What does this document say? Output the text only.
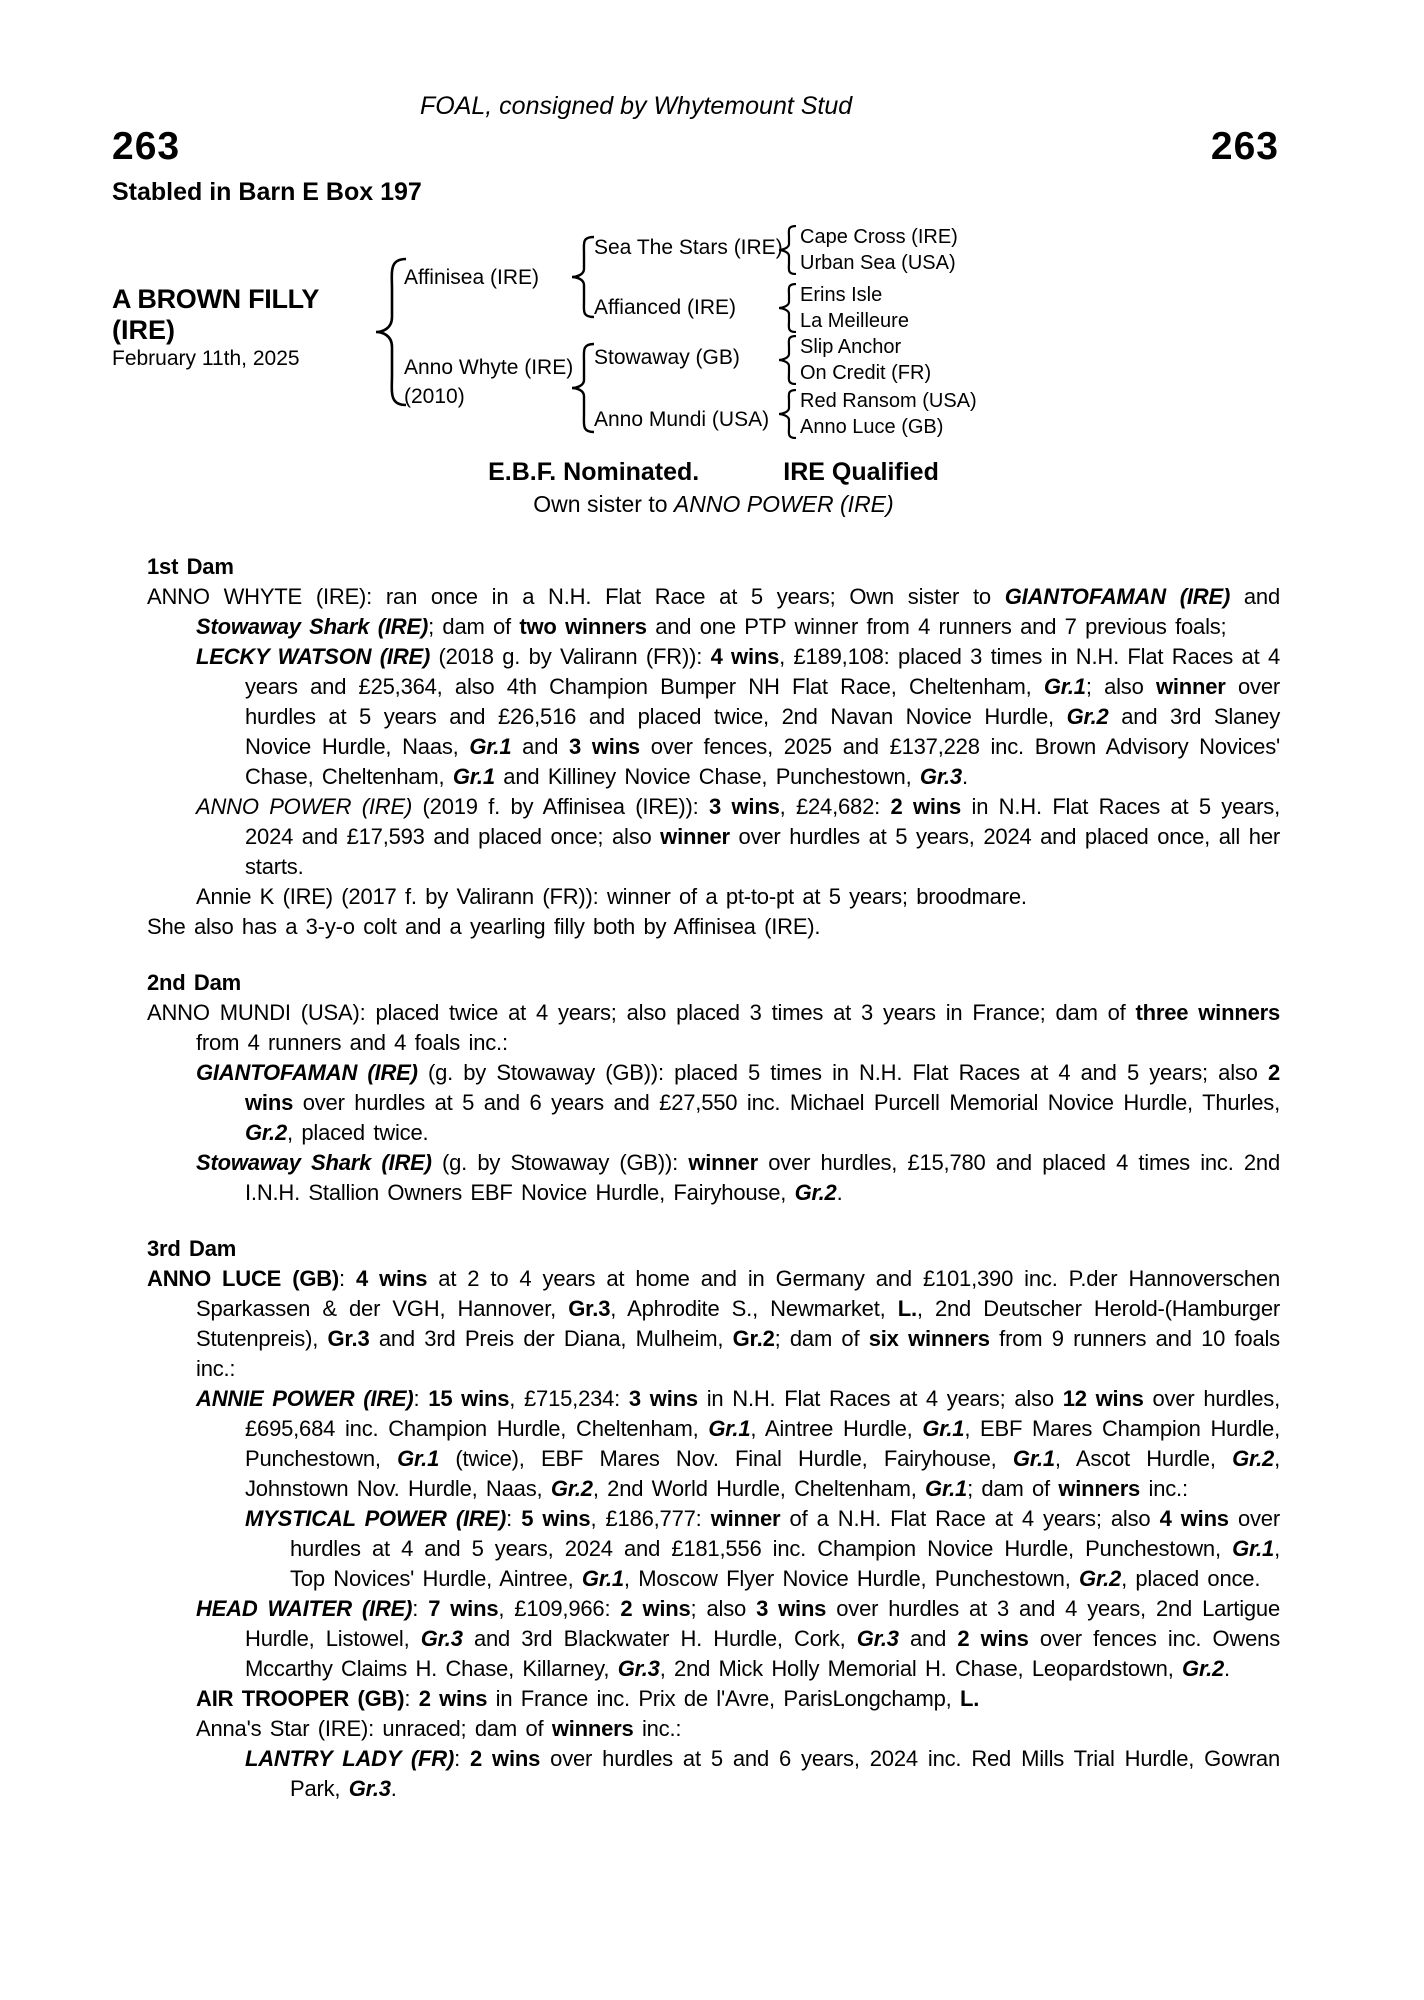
FOAL, consigned by Whytemount Stud
263	263
Stabled in Barn E Box 197
A BROWN FILLY
(IRE)
February 11th, 2025
Affinisea (IRE)
Anno Whyte (IRE)
(2010)
Sea The Stars (IRE)
Affianced (IRE)
Stowaway (GB)
Anno Mundi (USA)
Cape Cross (IRE)
Urban Sea (USA)
Erins Isle
La Meilleure
Slip Anchor
On Credit (FR)
Red Ransom (USA)
Anno Luce (GB)
E.B.F. Nominated.	IRE Qualified
Own sister to ANNO POWER (IRE)
1st Dam

ANNO WHYTE (IRE): ran once in a N.H. Flat Race at 5 years; Own sister to GIANTOFAMAN (IRE) and Stowaway Shark (IRE); dam of two winners and one PTP winner from 4 runners and 7 previous foals;

LECKY WATSON (IRE) (2018 g. by Valirann (FR)): 4 wins, £189,108: placed 3 times in N.H. Flat Races at 4 years and £25,364, also 4th Champion Bumper NH Flat Race, Cheltenham, Gr.1; also winner over hurdles at 5 years and £26,516 and placed twice, 2nd Navan Novice Hurdle, Gr.2 and 3rd Slaney Novice Hurdle, Naas, Gr.1 and 3 wins over fences, 2025 and £137,228 inc. Brown Advisory Novices' Chase, Cheltenham, Gr.1 and Killiney Novice Chase, Punchestown, Gr.3.

ANNO POWER (IRE) (2019 f. by Affinisea (IRE)): 3 wins, £24,682: 2 wins in N.H. Flat Races at 5 years, 2024 and £17,593 and placed once; also winner over hurdles at 5 years, 2024 and placed once, all her starts.

Annie K (IRE) (2017 f. by Valirann (FR)): winner of a pt-to-pt at 5 years; broodmare.

She also has a 3-y-o colt and a yearling filly both by Affinisea (IRE).

2nd Dam

ANNO MUNDI (USA): placed twice at 4 years; also placed 3 times at 3 years in France; dam of three winners from 4 runners and 4 foals inc.:

GIANTOFAMAN (IRE) (g. by Stowaway (GB)): placed 5 times in N.H. Flat Races at 4 and 5 years; also 2 wins over hurdles at 5 and 6 years and £27,550 inc. Michael Purcell Memorial Novice Hurdle, Thurles, Gr.2, placed twice.

Stowaway Shark (IRE) (g. by Stowaway (GB)): winner over hurdles, £15,780 and placed 4 times inc. 2nd I.N.H. Stallion Owners EBF Novice Hurdle, Fairyhouse, Gr.2.

3rd Dam

ANNO LUCE (GB): 4 wins at 2 to 4 years at home and in Germany and £101,390 inc. P.der Hannoverschen Sparkassen & der VGH, Hannover, Gr.3, Aphrodite S., Newmarket, L., 2nd Deutscher Herold-(Hamburger Stutenpreis), Gr.3 and 3rd Preis der Diana, Mulheim, Gr.2; dam of six winners from 9 runners and 10 foals inc.:

ANNIE POWER (IRE): 15 wins, £715,234: 3 wins in N.H. Flat Races at 4 years; also 12 wins over hurdles, £695,684 inc. Champion Hurdle, Cheltenham, Gr.1, Aintree Hurdle, Gr.1, EBF Mares Champion Hurdle, Punchestown, Gr.1 (twice), EBF Mares Nov. Final Hurdle, Fairyhouse, Gr.1, Ascot Hurdle, Gr.2, Johnstown Nov. Hurdle, Naas, Gr.2, 2nd World Hurdle, Cheltenham, Gr.1; dam of winners inc.:

MYSTICAL POWER (IRE): 5 wins, £186,777: winner of a N.H. Flat Race at 4 years; also 4 wins over hurdles at 4 and 5 years, 2024 and £181,556 inc. Champion Novice Hurdle, Punchestown, Gr.1, Top Novices' Hurdle, Aintree, Gr.1, Moscow Flyer Novice Hurdle, Punchestown, Gr.2, placed once.

HEAD WAITER (IRE): 7 wins, £109,966: 2 wins; also 3 wins over hurdles at 3 and 4 years, 2nd Lartigue Hurdle, Listowel, Gr.3 and 3rd Blackwater H. Hurdle, Cork, Gr.3 and 2 wins over fences inc. Owens Mccarthy Claims H. Chase, Killarney, Gr.3, 2nd Mick Holly Memorial H. Chase, Leopardstown, Gr.2.

AIR TROOPER (GB): 2 wins in France inc. Prix de l'Avre, ParisLongchamp, L.

Anna's Star (IRE): unraced; dam of winners inc.:

LANTRY LADY (FR): 2 wins over hurdles at 5 and 6 years, 2024 inc. Red Mills Trial Hurdle, Gowran Park, Gr.3.
